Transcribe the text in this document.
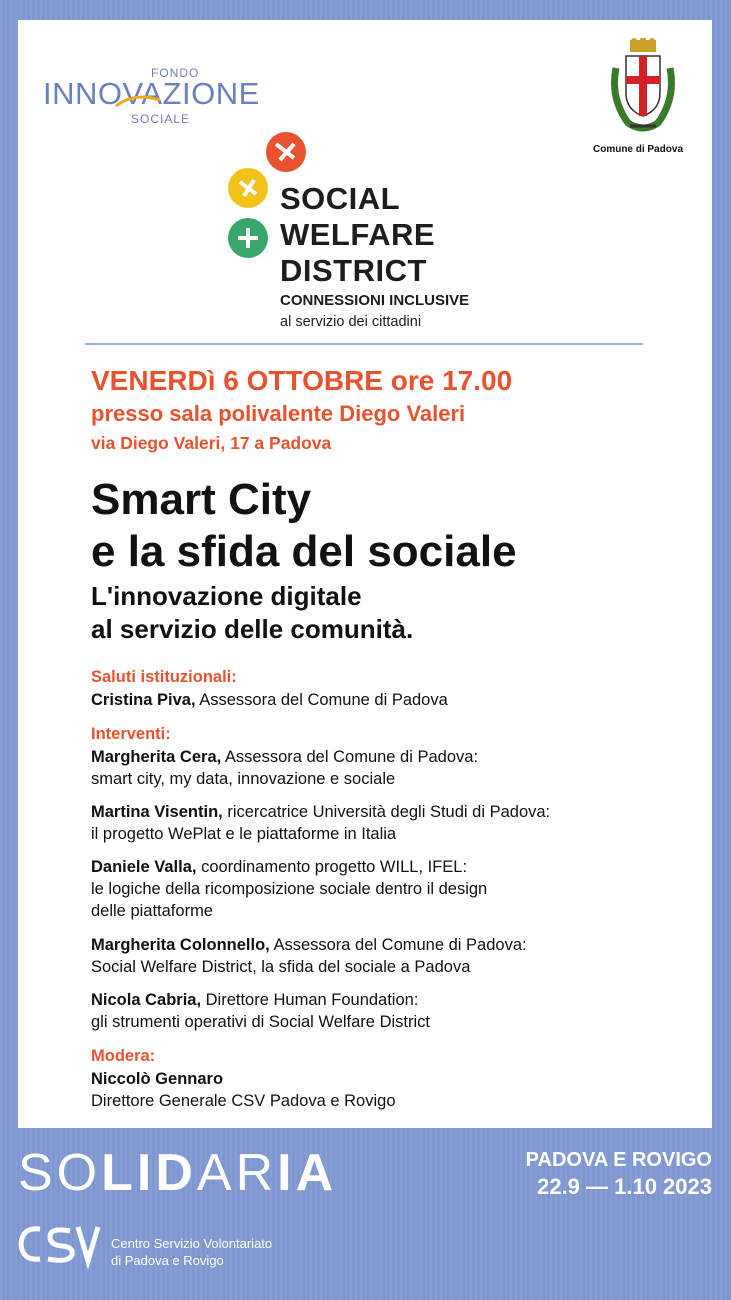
INNOVAZIONE
FONDO
SOCIALE
Comune di Padova
SOCIAL
WELFARE
DISTRICT
CONNESSIONI INCLUSIVE
al servizio dei cittadini
VENERDì 6 OTTOBRE ore 17.00
presso sala polivalente Diego Valeri
via Diego Valeri, 17 a Padova
Smart City
e la sfida del sociale
L'innovazione digitale
al servizio delle comunità.
Saluti istituzionali:
Cristina Piva, Assessora del Comune di Padova
Interventi:
Margherita Cera, Assessora del Comune di Padova:
smart city, my data, innovazione e sociale
Martina Visentin, ricercatrice Università degli Studi di Padova:
il progetto WePlat e le piattaforme in Italia
Daniele Valla, coordinamento progetto WILL, IFEL:
le logiche della ricomposizione sociale dentro il design
delle piattaforme
Margherita Colonnello, Assessora del Comune di Padova:
Social Welfare District, la sfida del sociale a Padova
Nicola Cabria, Direttore Human Foundation:
gli strumenti operativi di Social Welfare District
Modera:
Niccolò Gennaro
Direttore Generale CSV Padova e Rovigo
SOLIDARIA	PADOVA E ROVIGO
22.9 — 1.10 2023
Centro Servizio Volontariato
di Padova e Rovigo
